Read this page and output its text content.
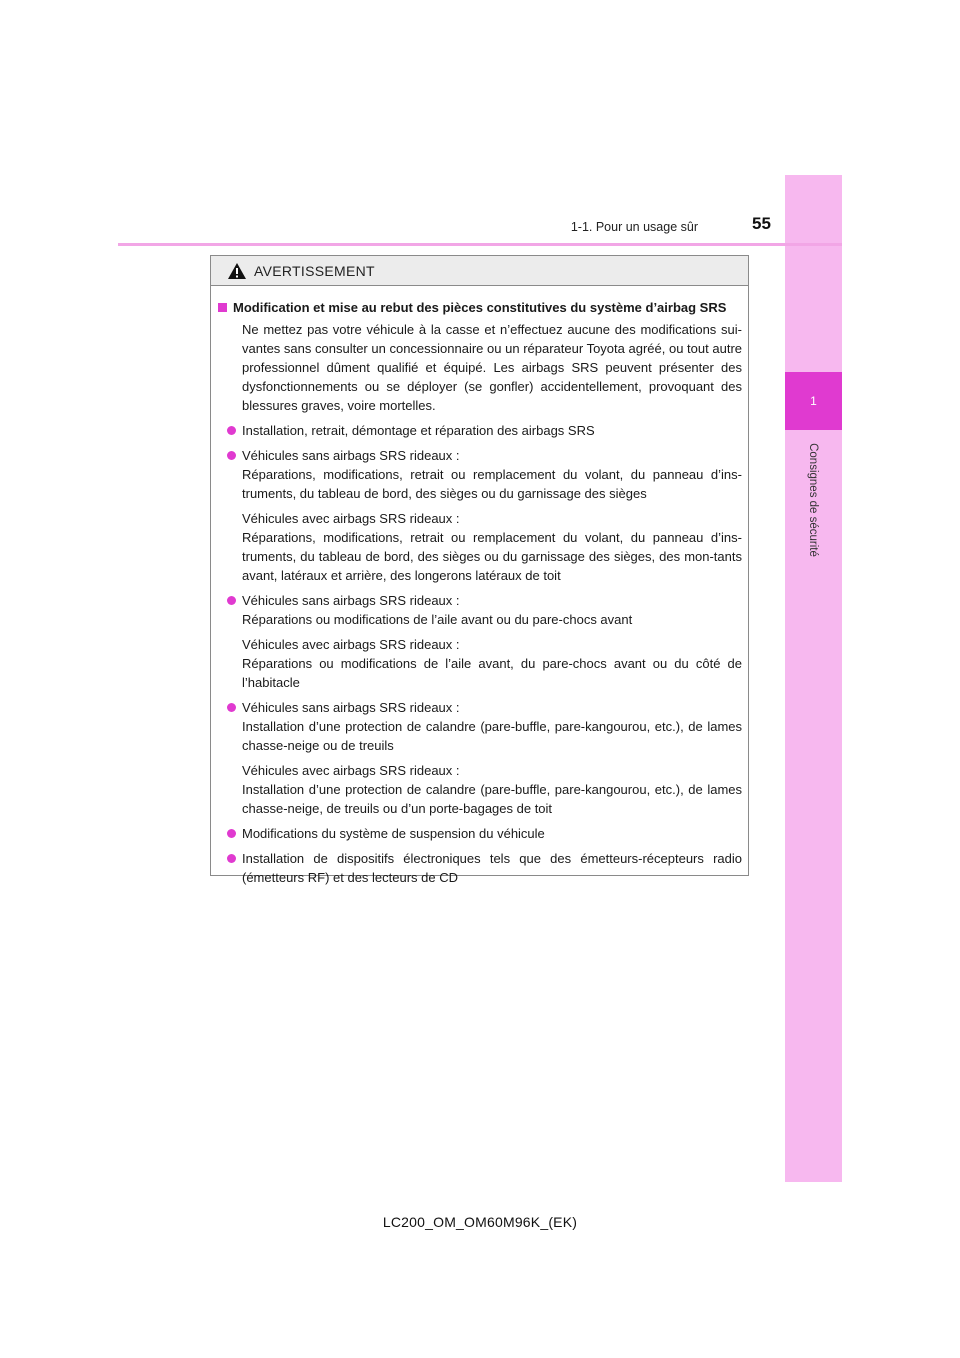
1
Consignes de sécurité
1-1. Pour un usage sûr	55
AVERTISSEMENT
Modification et mise au rebut des pièces constitutives du système d’airbag SRS
Ne mettez pas votre véhicule à la casse et n’effectuez aucune des modifications sui-vantes sans consulter un concessionnaire ou un réparateur Toyota agréé, ou tout autre professionnel dûment qualifié et équipé. Les airbags SRS peuvent présenter des dysfonctionnements ou se déployer (se gonfler) accidentellement, provoquant des blessures graves, voire mortelles.
Installation, retrait, démontage et réparation des airbags SRS
Véhicules sans airbags SRS rideaux :
Réparations, modifications, retrait ou remplacement du volant, du panneau d’ins-truments, du tableau de bord, des sièges ou du garnissage des sièges
Véhicules avec airbags SRS rideaux :
Réparations, modifications, retrait ou remplacement du volant, du panneau d’ins-truments, du tableau de bord, des sièges ou du garnissage des sièges, des mon-tants avant, latéraux et arrière, des longerons latéraux de toit
Véhicules sans airbags SRS rideaux :
Réparations ou modifications de l’aile avant ou du pare-chocs avant
Véhicules avec airbags SRS rideaux :
Réparations ou modifications de l’aile avant, du pare-chocs avant ou du côté de l’habitacle
Véhicules sans airbags SRS rideaux :
Installation d’une protection de calandre (pare-buffle, pare-kangourou, etc.), de lames chasse-neige ou de treuils
Véhicules avec airbags SRS rideaux :
Installation d’une protection de calandre (pare-buffle, pare-kangourou, etc.), de lames chasse-neige, de treuils ou d’un porte-bagages de toit
Modifications du système de suspension du véhicule
Installation de dispositifs électroniques tels que des émetteurs-récepteurs radio (émetteurs RF) et des lecteurs de CD
LC200_OM_OM60M96K_(EK)
